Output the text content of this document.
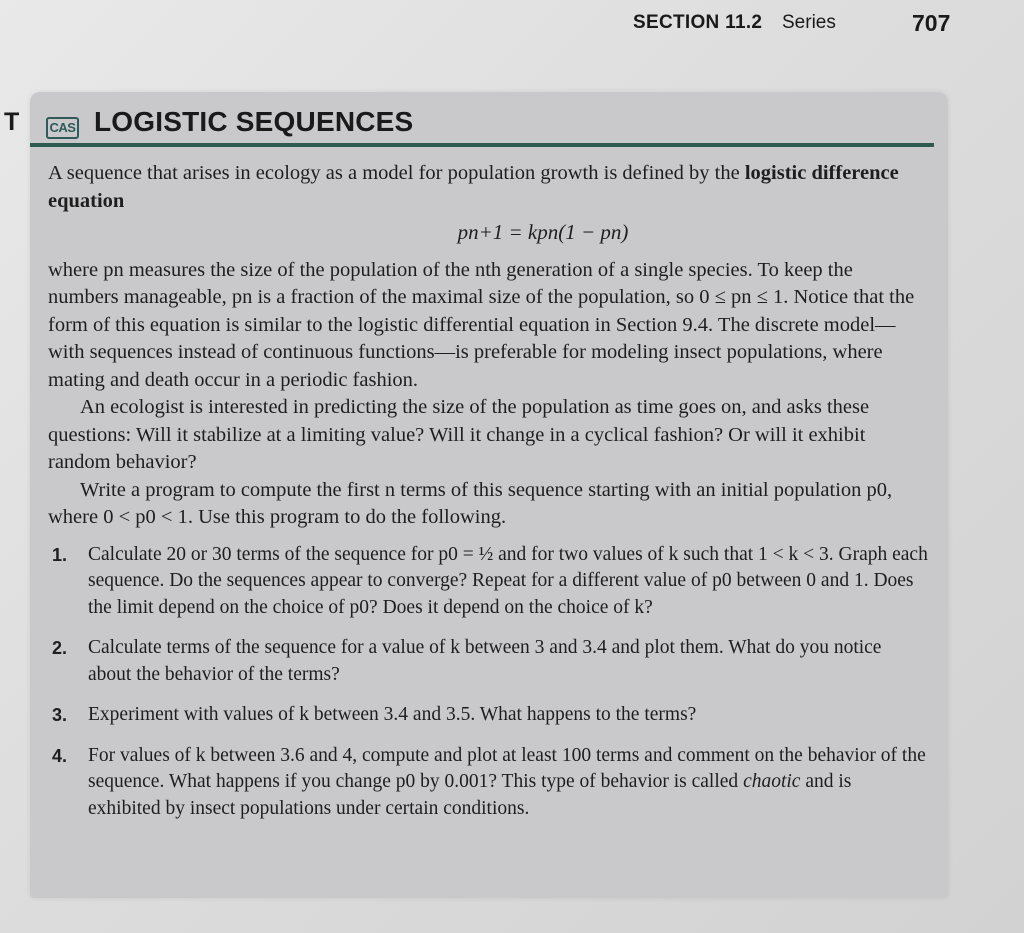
SECTION 11.2 Series	707
T CAS LOGISTIC SEQUENCES

A sequence that arises in ecology as a model for population growth is defined by the logistic difference equation

pn+1 = kpn(1 − pn)

where pn measures the size of the population of the nth generation of a single species. To keep the numbers manageable, pn is a fraction of the maximal size of the population, so 0 ≤ pn ≤ 1. Notice that the form of this equation is similar to the logistic differential equation in Section 9.4. The discrete model—with sequences instead of continuous functions—is preferable for modeling insect populations, where mating and death occur in a periodic fashion.

An ecologist is interested in predicting the size of the population as time goes on, and asks these questions: Will it stabilize at a limiting value? Will it change in a cyclical fashion? Or will it exhibit random behavior?

Write a program to compute the first n terms of this sequence starting with an initial population p0, where 0 < p0 < 1. Use this program to do the following.

1. Calculate 20 or 30 terms of the sequence for p0 = ½ and for two values of k such that 1 < k < 3. Graph each sequence. Do the sequences appear to converge? Repeat for a different value of p0 between 0 and 1. Does the limit depend on the choice of p0? Does it depend on the choice of k?
2. Calculate terms of the sequence for a value of k between 3 and 3.4 and plot them. What do you notice about the behavior of the terms?
3. Experiment with values of k between 3.4 and 3.5. What happens to the terms?
4. For values of k between 3.6 and 4, compute and plot at least 100 terms and comment on the behavior of the sequence. What happens if you change p0 by 0.001? This type of behavior is called chaotic and is exhibited by insect populations under certain conditions.
